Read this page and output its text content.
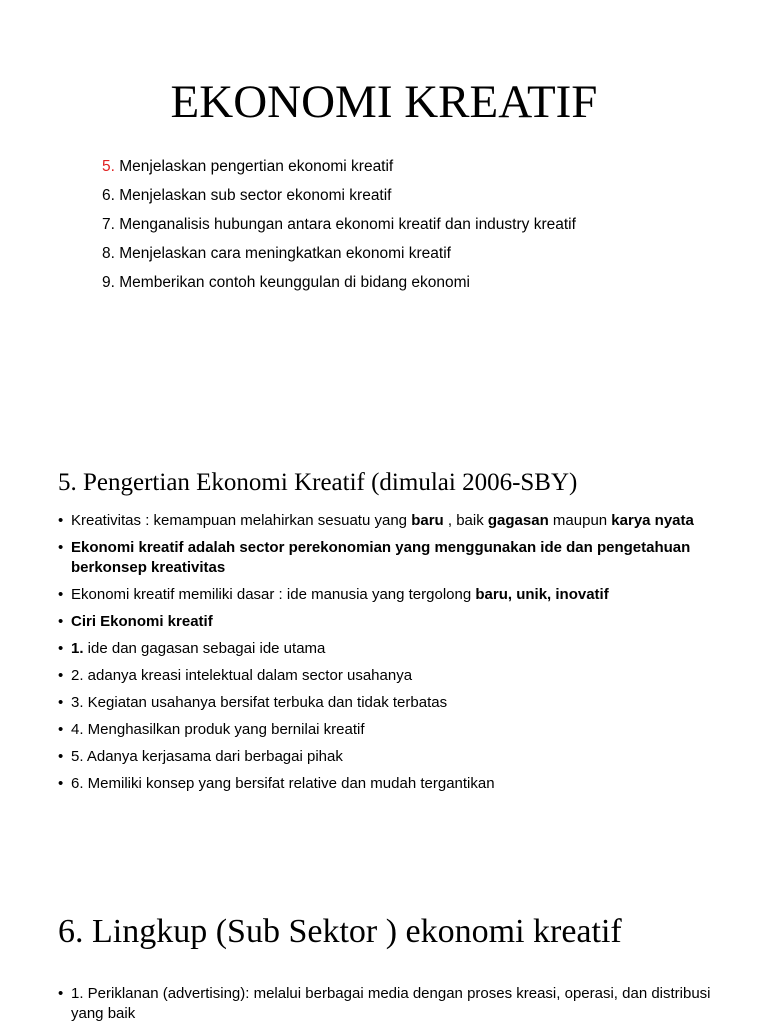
EKONOMI KREATIF
5. Menjelaskan pengertian ekonomi kreatif
6. Menjelaskan sub sector ekonomi kreatif
7. Menganalisis hubungan antara ekonomi kreatif dan industry kreatif
8. Menjelaskan cara meningkatkan ekonomi kreatif
9. Memberikan contoh keunggulan di bidang ekonomi
5. Pengertian Ekonomi Kreatif (dimulai 2006-SBY)
• Kreativitas : kemampuan melahirkan sesuatu yang baru , baik gagasan maupun karya nyata
• Ekonomi kreatif adalah sector perekonomian yang menggunakan ide dan pengetahuan berkonsep kreativitas
• Ekonomi kreatif memiliki dasar : ide manusia yang tergolong baru, unik, inovatif
• Ciri Ekonomi kreatif
• 1. ide dan gagasan sebagai ide utama
• 2. adanya kreasi intelektual dalam sector usahanya
• 3. Kegiatan usahanya bersifat terbuka dan tidak terbatas
• 4. Menghasilkan produk yang bernilai kreatif
• 5. Adanya kerjasama dari berbagai pihak
• 6. Memiliki konsep yang bersifat relative dan mudah tergantikan
6. Lingkup (Sub Sektor ) ekonomi kreatif
• 1. Periklanan (advertising): melalui berbagai media dengan proses kreasi, operasi, dan distribusi yang baik
